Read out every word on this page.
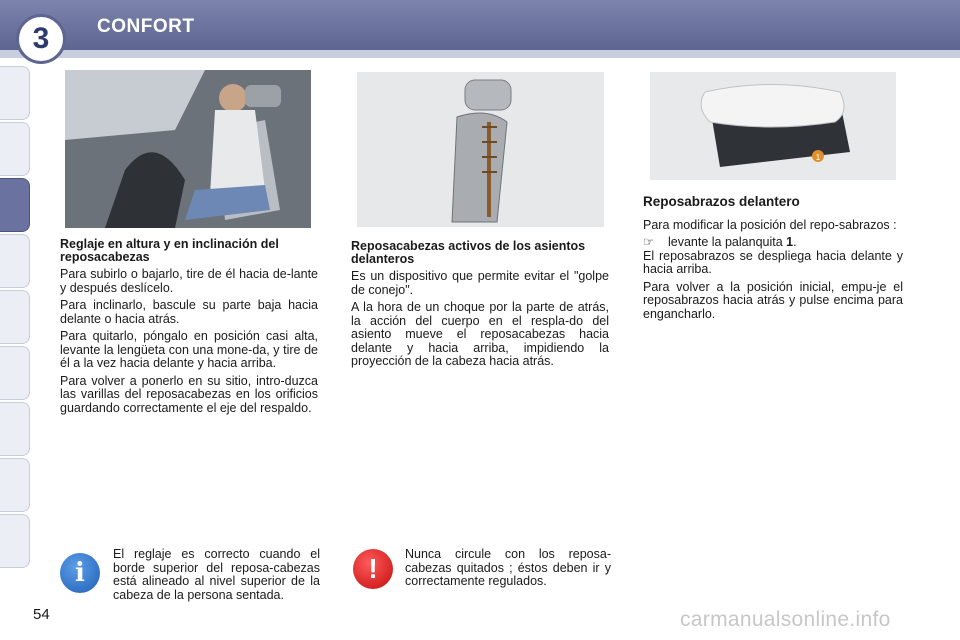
3	CONFORT
1
Reglaje en altura y en inclinación del reposacabezas

Para subirlo o bajarlo, tire de él hacia de-lante y después deslícelo.

Para inclinarlo, bascule su parte baja hacia delante o hacia atrás.

Para quitarlo, póngalo en posición casi alta, levante la lengüeta con una mone-da, y tire de él a la vez hacia delante y hacia arriba.

Para volver a ponerlo en su sitio, intro-duzca las varillas del reposacabezas en los orificios guardando correctamente el eje del respaldo.

Reposacabezas activos de los asientos delanteros

Es un dispositivo que permite evitar el "golpe de conejo".

A la hora de un choque por la parte de atrás, la acción del cuerpo en el respla-do del asiento mueve el reposacabezas hacia delante y hacia arriba, impidiendo la proyección de la cabeza hacia atrás.

Reposabrazos delantero

Para modificar la posición del repo-sabrazos :

☞	levante la palanquita 1.

El reposabrazos se despliega hacia delante y hacia arriba.

Para volver a la posición inicial, empu-je el reposabrazos hacia atrás y pulse encima para engancharlo.

i
El reglaje es correcto cuando el borde superior del reposa-cabezas está alineado al nivel superior de la cabeza de la persona sentada.
!	Nunca circule con los reposa-cabezas quitados ; éstos deben ir y correctamente regulados.
54	carmanualsonline.info
